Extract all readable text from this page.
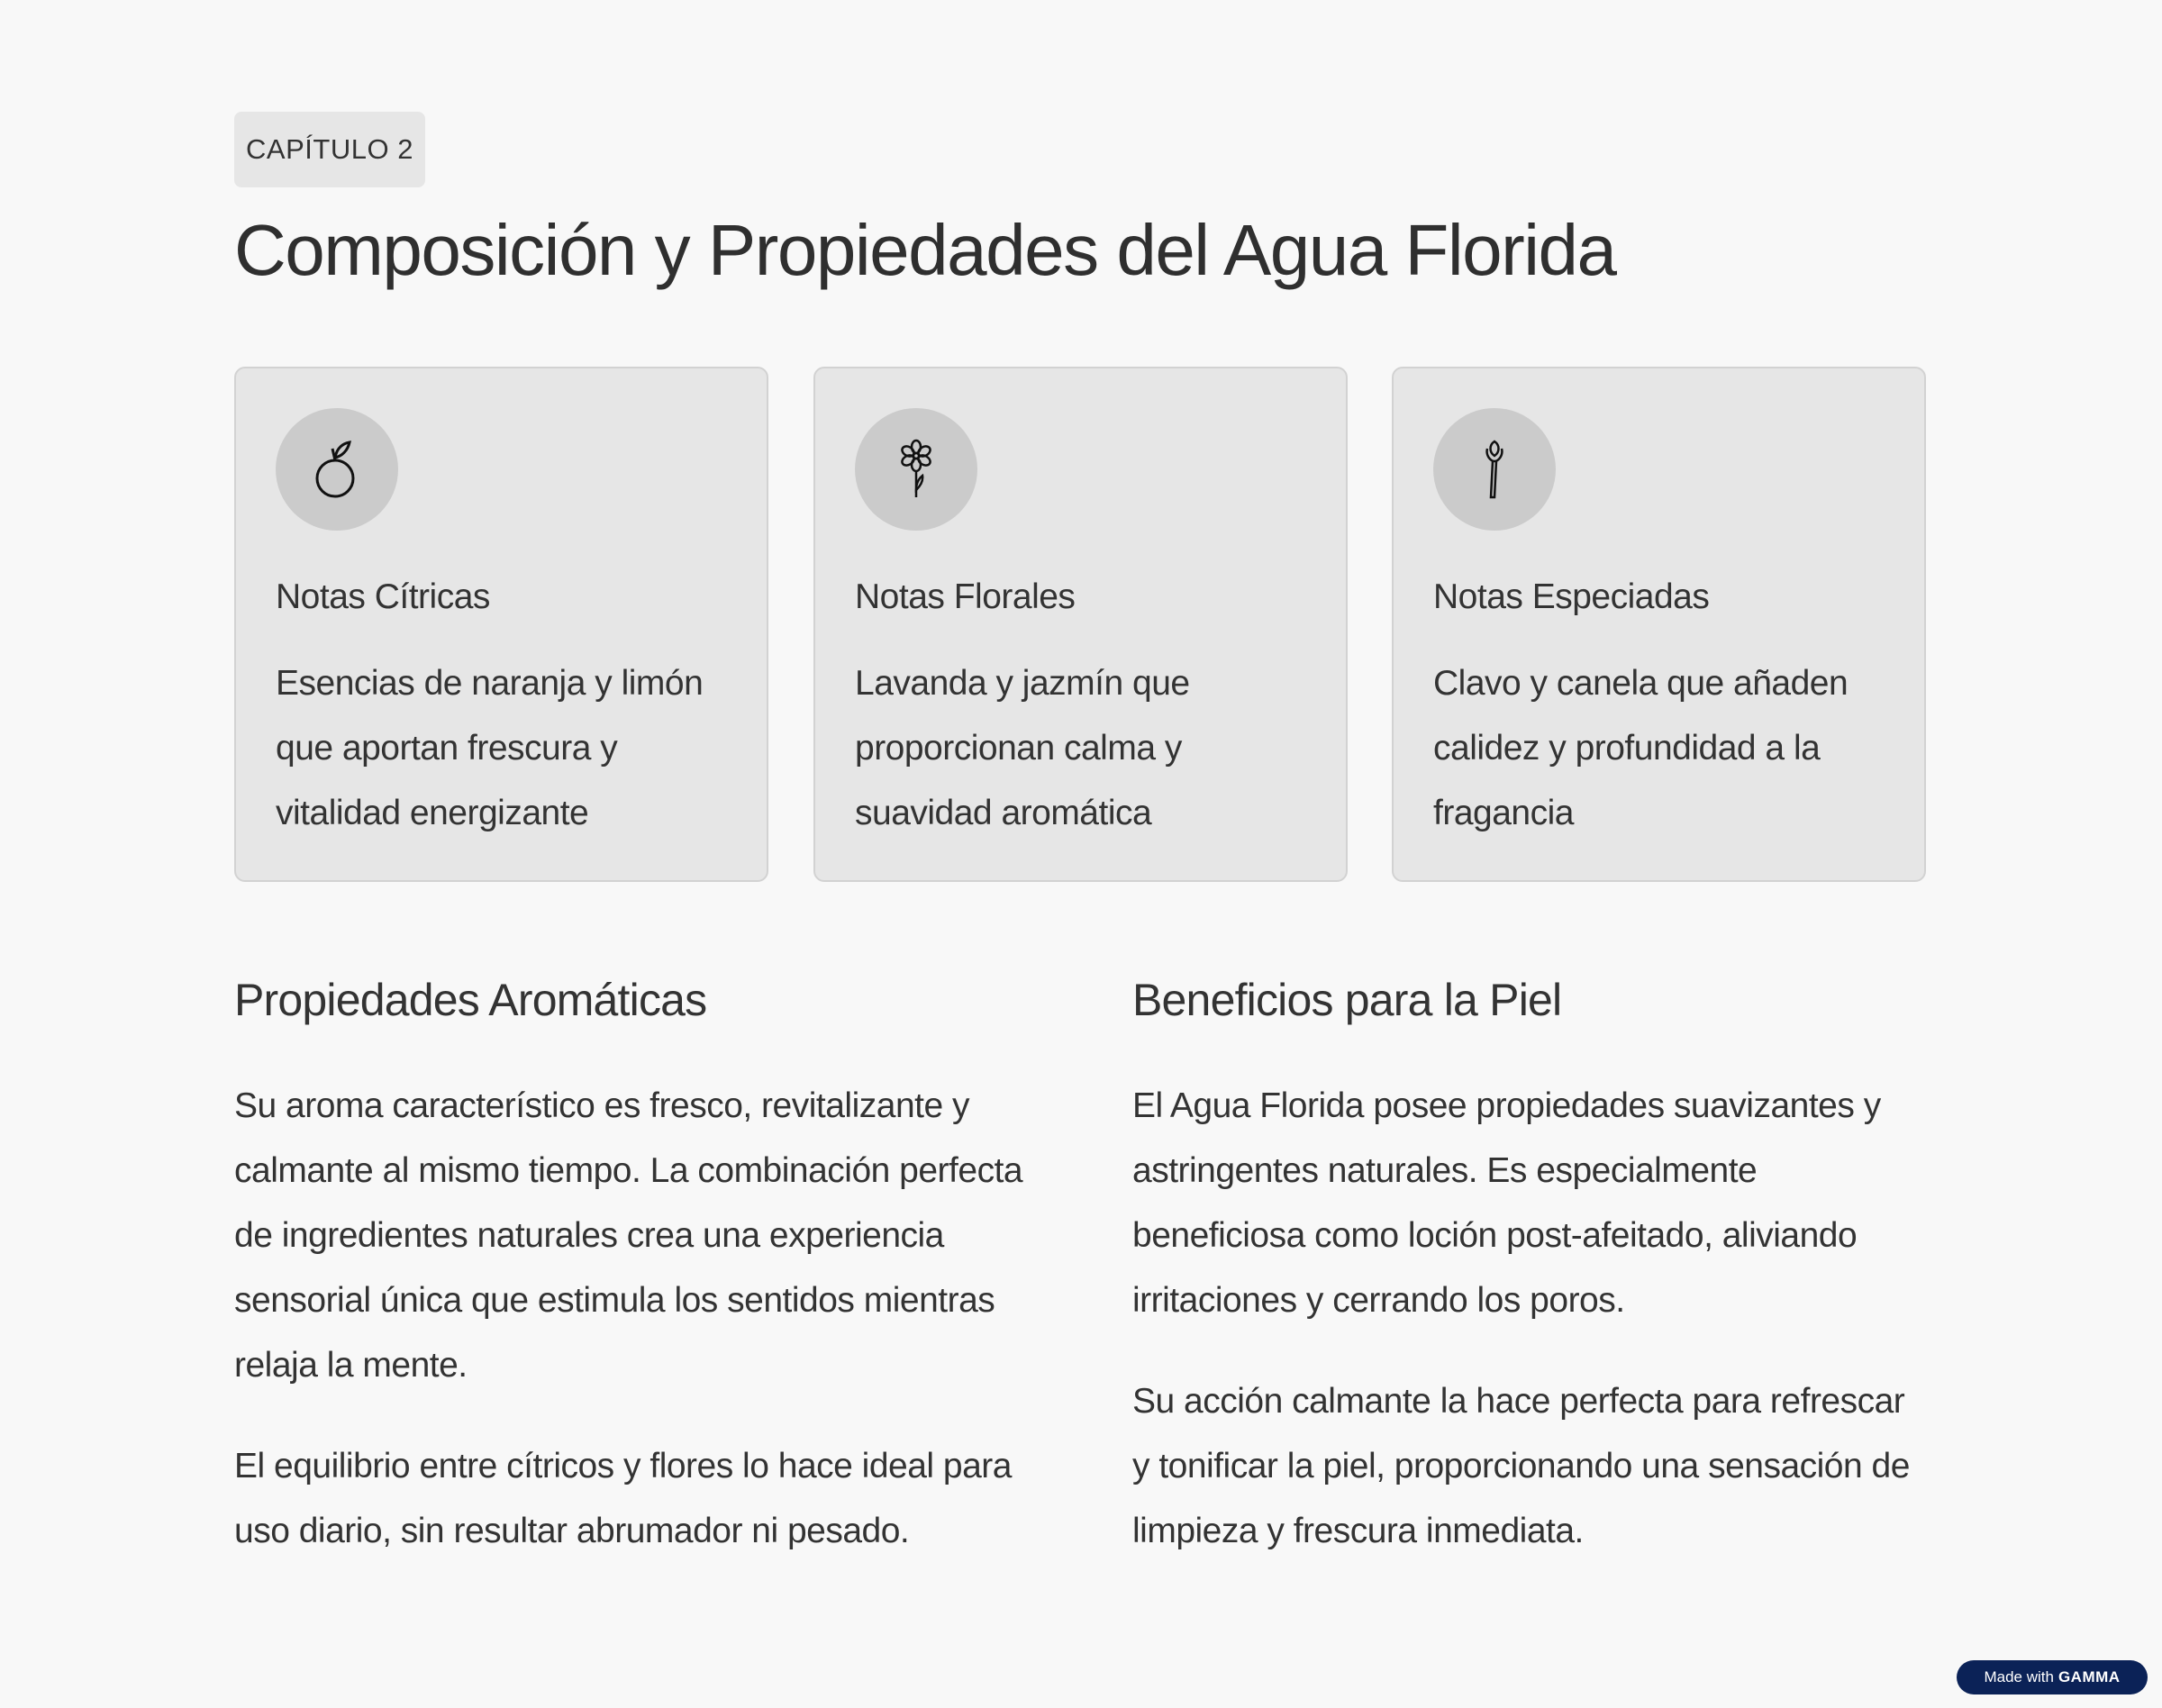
CAPÍTULO 2
Composición y Propiedades del Agua Florida
Notas Cítricas

Esencias de naranja y limón que aportan frescura y vitalidad energizante

Notas Florales

Lavanda y jazmín que proporcionan calma y suavidad aromática

Notas Especiadas

Clavo y canela que añaden calidez y profundidad a la fragancia

Propiedades Aromáticas

Su aroma característico es fresco, revitalizante y calmante al mismo tiempo. La combinación perfecta de ingredientes naturales crea una experiencia sensorial única que estimula los sentidos mientras relaja la mente.

El equilibrio entre cítricos y flores lo hace ideal para uso diario, sin resultar abrumador ni pesado.

Beneficios para la Piel

El Agua Florida posee propiedades suavizantes y astringentes naturales. Es especialmente beneficiosa como loción post-afeitado, aliviando irritaciones y cerrando los poros.

Su acción calmante la hace perfecta para refrescar y tonificar la piel, proporcionando una sensación de limpieza y frescura inmediata.

Made with GAMMA
